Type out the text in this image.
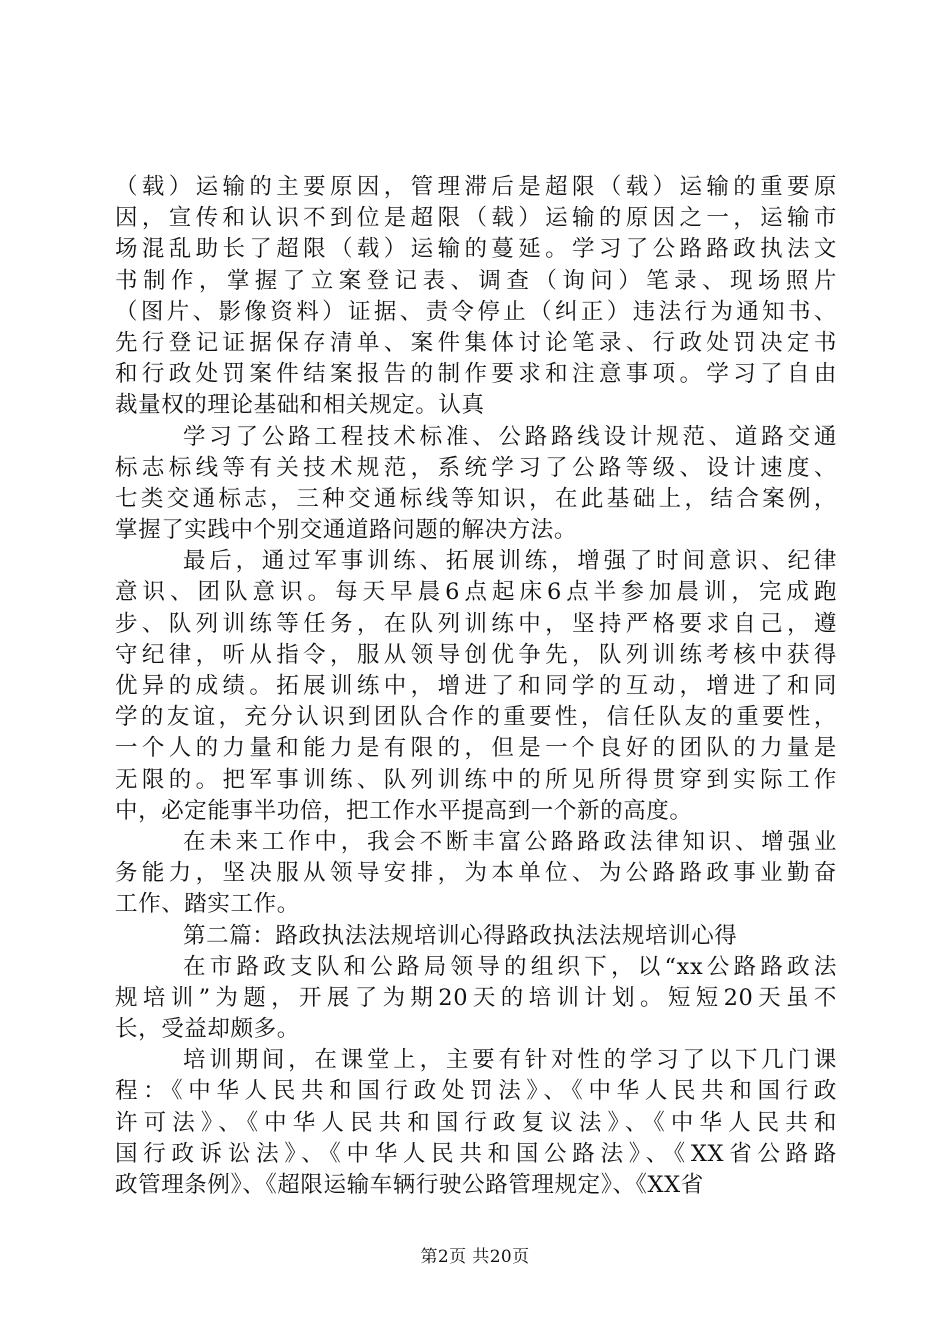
（载）运输的主要原因，管理滞后是超限（载）运输的重要原
因，宣传和认识不到位是超限（载）运输的原因之一，运输市
场混乱助长了超限（载）运输的蔓延。学习了公路路政执法文
书制作，掌握了立案登记表、调查（询问）笔录、现场照片
（图片、影像资料）证据、责令停止（纠正）违法行为通知书、
先行登记证据保存清单、案件集体讨论笔录、行政处罚决定书
和行政处罚案件结案报告的制作要求和注意事项。学习了自由
裁量权的理论基础和相关规定。认真
学习了公路工程技术标准、公路路线设计规范、道路交通
标志标线等有关技术规范，系统学习了公路等级、设计速度、
七类交通标志，三种交通标线等知识，在此基础上，结合案例，
掌握了实践中个别交通道路问题的解决方法。
最后，通过军事训练、拓展训练，增强了时间意识、纪律
意识、团队意识。每天早晨6点起床6点半参加晨训，完成跑
步、队列训练等任务，在队列训练中，坚持严格要求自己，遵
守纪律，听从指令，服从领导创优争先，队列训练考核中获得
优异的成绩。拓展训练中，增进了和同学的互动，增进了和同
学的友谊，充分认识到团队合作的重要性，信任队友的重要性，
一个人的力量和能力是有限的，但是一个良好的团队的力量是
无限的。把军事训练、队列训练中的所见所得贯穿到实际工作
中，必定能事半功倍，把工作水平提高到一个新的高度。
在未来工作中，我会不断丰富公路路政法律知识、增强业
务能力，坚决服从领导安排，为本单位、为公路路政事业勤奋
工作、踏实工作。
第二篇：路政执法法规培训心得路政执法法规培训心得
在市路政支队和公路局领导的组织下，以“xx公路路政法
规培训”为题，开展了为期20天的培训计划。短短20天虽不
长，受益却颇多。
培训期间，在课堂上，主要有针对性的学习了以下几门课
程：《中华人民共和国行政处罚法》、《中华人民共和国行政
许可法》、《中华人民共和国行政复议法》、《中华人民共和
国行政诉讼法》、《中华人民共和国公路法》、《XX省公路路
政管理条例》、《超限运输车辆行驶公路管理规定》、《XX省
第2页 共20页
